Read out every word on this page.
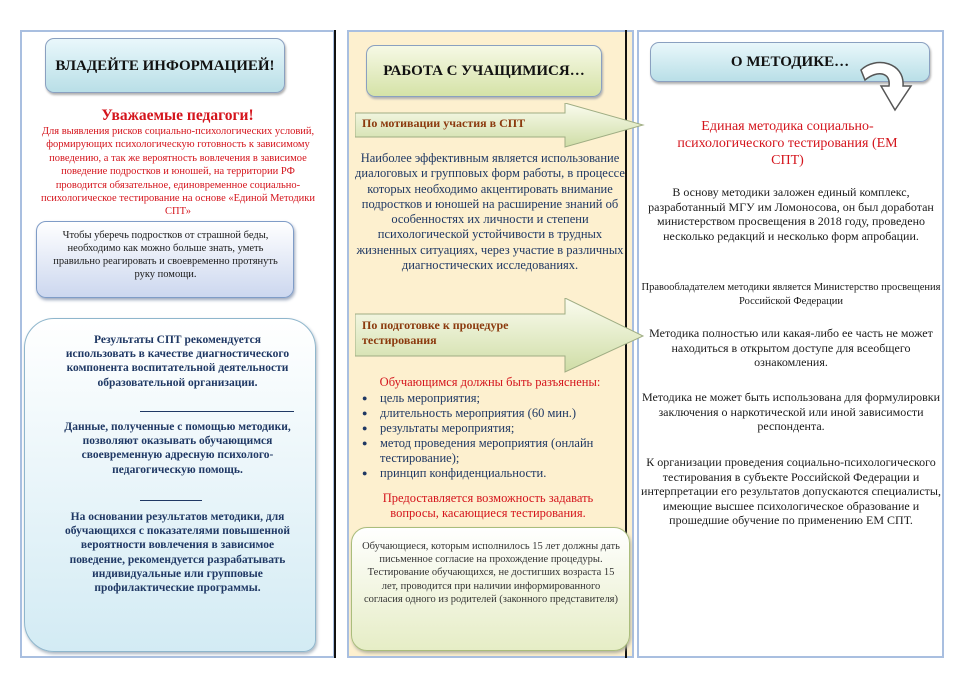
ВЛАДЕЙТЕ ИНФОРМАЦИЕЙ!
Уважаемые педагоги!
Для выявления рисков социально-психологических условий, формирующих психологическую готовность к зависимому поведению, а так же вероятность вовлечения в зависимое поведение подростков и юношей, на территории РФ проводится обязательное, единовременное социально-психологическое тестирование на основе «Единой Методики СПТ»
Чтобы уберечь подростков от страшной беды, необходимо как можно больше знать, уметь правильно реагировать и своевременно протянуть руку помощи.
Результаты СПТ рекомендуется использовать в качестве диагностического компонента воспитательной деятельности образовательной организации.
Данные, полученные с помощью методики, позволяют оказывать обучающимся своевременную адресную психолого-педагогическую помощь.
На основании результатов методики, для обучающихся с показателями повышенной вероятности вовлечения в зависимое поведение, рекомендуется разрабатывать индивидуальные или групповые профилактические программы.
РАБОТА С УЧАЩИМИСЯ…
По мотивации участия в СПТ
Наиболее эффективным является использование диалоговых и групповых форм работы, в процессе которых необходимо акцентировать внимание подростков и юношей на расширение знаний об особенностях их личности и степени психологической устойчивости в трудных жизненных ситуациях, через участие в различных диагностических исследованиях.
По подготовке к процедуре тестирования
Обучающимся должны быть разъяснены:
● цель мероприятия;
● длительность мероприятия (60 мин.)
● результаты мероприятия;
● метод проведения мероприятия (онлайн тестирование);
● принцип конфиденциальности.
Предоставляется возможность задавать вопросы, касающиеся тестирования.
Обучающиеся, которым исполнилось 15 лет должны дать письменное согласие на прохождение процедуры. Тестирование обучающихся, не достигших возраста 15 лет, проводится при наличии информированного согласия одного из родителей (законного представителя)
О МЕТОДИКЕ…
Единая методика социально-психологического тестирования (ЕМ СПТ)
В основу методики заложен единый комплекс, разработанный МГУ им Ломоносова, он был доработан министерством просвещения в 2018 году, проведено несколько редакций и несколько форм апробации.
Правообладателем методики является Министерство просвещения Российской Федерации
Методика полностью или какая-либо ее часть не может находиться в открытом доступе для всеобщего ознакомления.
Методика не может быть использована для формулировки заключения о наркотической или иной зависимости респондента.
К организации проведения социально-психологического тестирования в субъекте Российской Федерации и интерпретации его результатов допускаются специалисты, имеющие высшее психологическое образование и прошедшие обучение по применению ЕМ СПТ.
